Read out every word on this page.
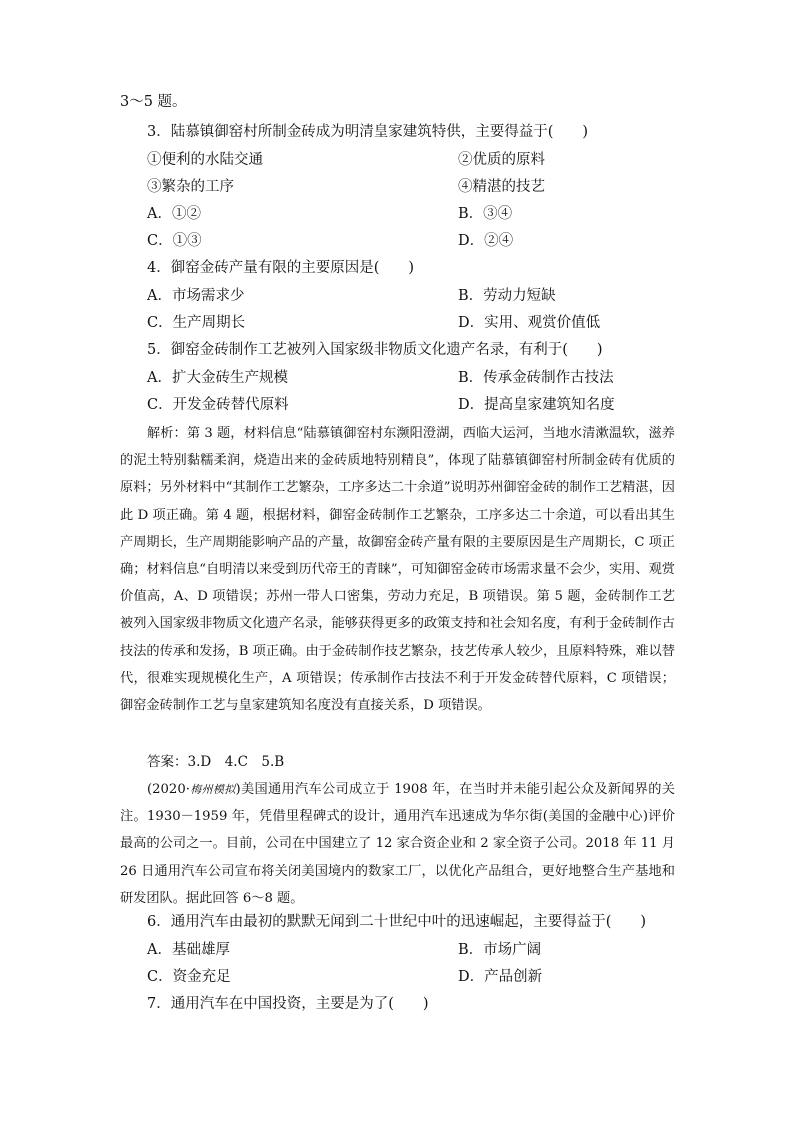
3～5 题。
3．陆慕镇御窑村所制金砖成为明清皇家建筑特供，主要得益于(　　)
①便利的水陆交通	②优质的原料
③繁杂的工序	④精湛的技艺
A．①②	B．③④
C．①③	D．②④
4．御窑金砖产量有限的主要原因是(　　)
A．市场需求少	B．劳动力短缺
C．生产周期长	D．实用、观赏价值低
5．御窑金砖制作工艺被列入国家级非物质文化遗产名录，有利于(　　)
A．扩大金砖生产规模	B．传承金砖制作古技法
C．开发金砖替代原料	D．提高皇家建筑知名度
解析：第 3 题，材料信息“陆慕镇御窑村东濒阳澄湖，西临大运河，当地水清漱温软，滋养的泥土特别黏糯柔润，烧造出来的金砖质地特别精良”，体现了陆慕镇御窑村所制金砖有优质的原料；另外材料中“其制作工艺繁杂，工序多达二十余道”说明苏州御窑金砖的制作工艺精湛，因此 D 项正确。第 4 题，根据材料，御窑金砖制作工艺繁杂，工序多达二十余道，可以看出其生产周期长，生产周期能影响产品的产量，故御窑金砖产量有限的主要原因是生产周期长，C 项正确；材料信息“自明清以来受到历代帝王的青睐”，可知御窑金砖市场需求量不会少，实用、观赏价值高，A、D 项错误；苏州一带人口密集，劳动力充足，B 项错误。第 5 题，金砖制作工艺被列入国家级非物质文化遗产名录，能够获得更多的政策支持和社会知名度，有利于金砖制作古技法的传承和发扬，B 项正确。由于金砖制作技艺繁杂，技艺传承人较少，且原料特殊，难以替代，很难实现规模化生产，A 项错误；传承制作古技法不利于开发金砖替代原料，C 项错误；御窑金砖制作工艺与皇家建筑知名度没有直接关系，D 项错误。
答案：3.D　4.C　5.B
(2020·梅州模拟)美国通用汽车公司成立于 1908 年，在当时并未能引起公众及新闻界的关注。1930－1959 年，凭借里程碑式的设计，通用汽车迅速成为华尔街(美国的金融中心)评价最高的公司之一。目前，公司在中国建立了 12 家合资企业和 2 家全资子公司。2018 年 11 月 26 日通用汽车公司宣布将关闭美国境内的数家工厂，以优化产品组合，更好地整合生产基地和研发团队。据此回答 6～8 题。
6．通用汽车由最初的默默无闻到二十世纪中叶的迅速崛起，主要得益于(　　)
A．基础雄厚	B．市场广阔
C．资金充足	D．产品创新
7．通用汽车在中国投资，主要是为了(　　)
